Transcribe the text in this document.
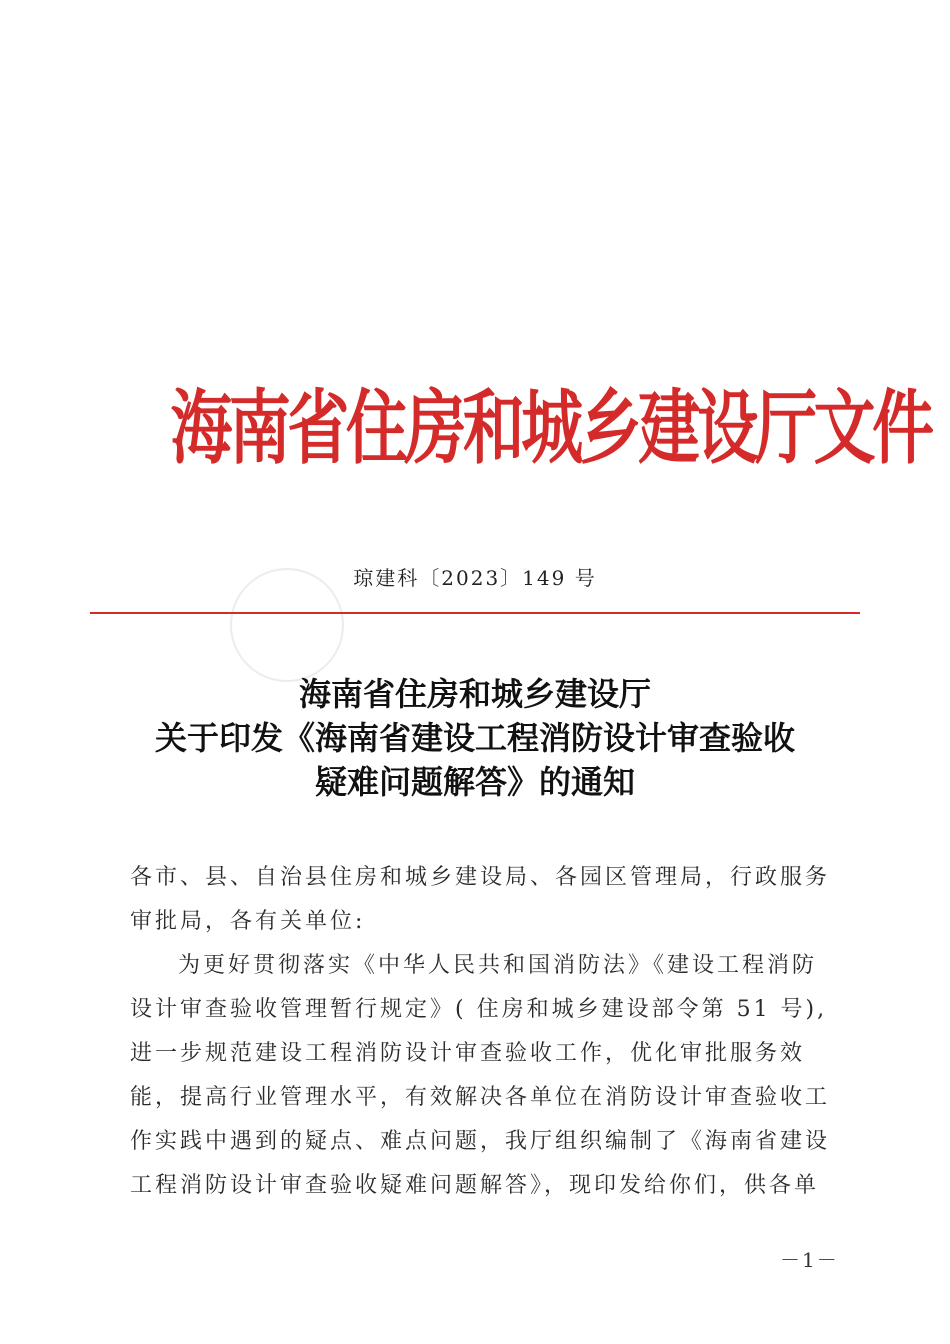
海南省住房和城乡建设厅文件
琼建科〔2023〕149 号
海南省住房和城乡建设厅
关于印发《海南省建设工程消防设计审查验收
疑难问题解答》的通知
各市、县、自治县住房和城乡建设局、各园区管理局，行政服务
审批局，各有关单位:
为更好贯彻落实《中华人民共和国消防法》《建设工程消防
设计审查验收管理暂行规定》( 住房和城乡建设部令第 51 号),
进一步规范建设工程消防设计审查验收工作，优化审批服务效
能，提高行业管理水平，有效解决各单位在消防设计审查验收工
作实践中遇到的疑点、难点问题，我厅组织编制了《海南省建设
工程消防设计审查验收疑难问题解答》，现印发给你们，供各单
－1－
